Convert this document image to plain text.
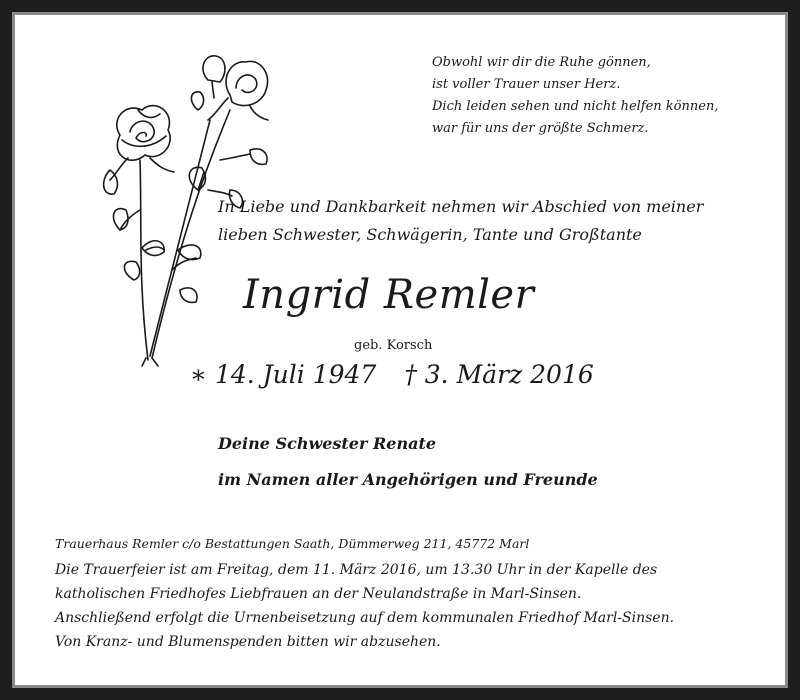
Obwohl wir dir die Ruhe gönnen,
ist voller Trauer unser Herz.
Dich leiden sehen und nicht helfen können,
war für uns der größte Schmerz.
In Liebe und Dankbarkeit nehmen wir Abschied von meiner
lieben Schwester, Schwägerin, Tante und Großtante
Ingrid Remler
geb. Korsch
∗ 14. Juli 1947 † 3. März 2016
Deine Schwester Renate
im Namen aller Angehörigen und Freunde
Trauerhaus Remler c/o Bestattungen Saath, Dümmerweg 211, 45772 Marl
Die Trauerfeier ist am Freitag, dem 11. März 2016, um 13.30 Uhr in der Kapelle des
katholischen Friedhofes Liebfrauen an der Neulandstraße in Marl-Sinsen.
Anschließend erfolgt die Urnenbeisetzung auf dem kommunalen Friedhof Marl-Sinsen.
Von Kranz- und Blumenspenden bitten wir abzusehen.
